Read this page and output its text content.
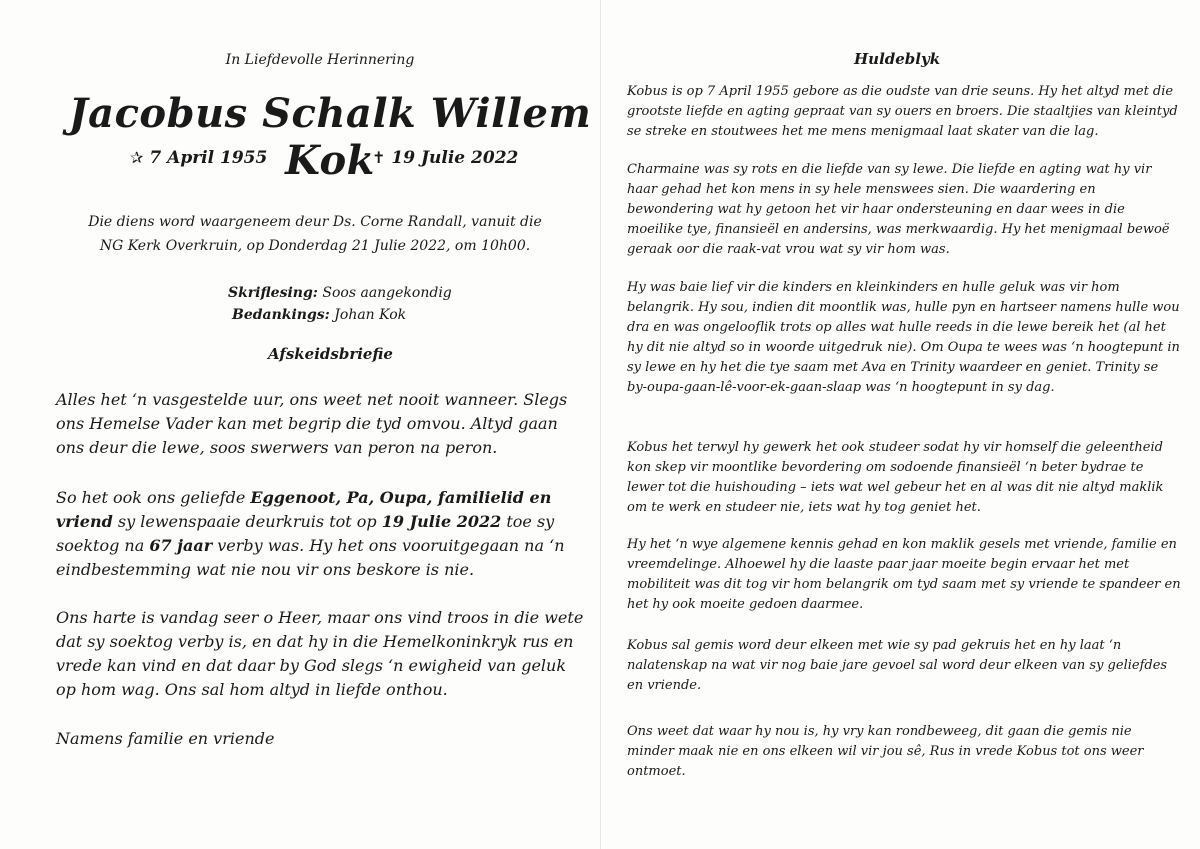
In Liefdevolle Herinnering
Jacobus Schalk Willem Kok
✰ 7 April 1955	✝ 19 Julie 2022
Die diens word waargeneem deur Ds. Corne Randall, vanuit die
NG Kerk Overkruin, op Donderdag 21 Julie 2022, om 10h00.
Skriflesing: Soos aangekondig
Bedankings: Johan Kok
Afskeidsbriefie
Alles het ‘n vasgestelde uur, ons weet net nooit wanneer. Slegs ons Hemelse Vader kan met begrip die tyd omvou. Altyd gaan ons deur die lewe, soos swerwers van peron na peron.
So het ook ons geliefde Eggenoot, Pa, Oupa, familielid en vriend sy lewenspaaie deurkruis tot op 19 Julie 2022 toe sy soektog na 67 jaar verby was. Hy het ons vooruitgegaan na ‘n eindbestemming wat nie nou vir ons beskore is nie.
Ons harte is vandag seer o Heer, maar ons vind troos in die wete dat sy soektog verby is, en dat hy in die Hemelkoninkryk rus en vrede kan vind en dat daar by God slegs ‘n ewigheid van geluk op hom wag. Ons sal hom altyd in liefde onthou.
Namens familie en vriende
Huldeblyk
Kobus is op 7 April 1955 gebore as die oudste van drie seuns. Hy het altyd met die grootste liefde en agting gepraat van sy ouers en broers. Die staaltjies van kleintyd se streke en stoutwees het me mens menigmaal laat skater van die lag.
Charmaine was sy rots en die liefde van sy lewe. Die liefde en agting wat hy vir haar gehad het kon mens in sy hele menswees sien. Die waardering en bewondering wat hy getoon het vir haar ondersteuning en daar wees in die moeilike tye, finansieël en andersins, was merkwaardig. Hy het menigmaal bewoë geraak oor die raak-vat vrou wat sy vir hom was.
Hy was baie lief vir die kinders en kleinkinders en hulle geluk was vir hom belangrik. Hy sou, indien dit moontlik was, hulle pyn en hartseer namens hulle wou dra en was ongelooflik trots op alles wat hulle reeds in die lewe bereik het (al het hy dit nie altyd so in woorde uitgedruk nie). Om Oupa te wees was ‘n hoogtepunt in sy lewe en hy het die tye saam met Ava en Trinity waardeer en geniet. Trinity se by-oupa-gaan-lê-voor-ek-gaan-slaap was ‘n hoogtepunt in sy dag.
Kobus het terwyl hy gewerk het ook studeer sodat hy vir homself die geleentheid kon skep vir moontlike bevordering om sodoende finansieël ‘n beter bydrae te lewer tot die huishouding – iets wat wel gebeur het en al was dit nie altyd maklik om te werk en studeer nie, iets wat hy tog geniet het.
Hy het ‘n wye algemene kennis gehad en kon maklik gesels met vriende, familie en vreemdelinge. Alhoewel hy die laaste paar jaar moeite begin ervaar het met mobiliteit was dit tog vir hom belangrik om tyd saam met sy vriende te spandeer en het hy ook moeite gedoen daarmee.
Kobus sal gemis word deur elkeen met wie sy pad gekruis het en hy laat ‘n nalatenskap na wat vir nog baie jare gevoel sal word deur elkeen van sy geliefdes en vriende.
Ons weet dat waar hy nou is, hy vry kan rondbeweeg, dit gaan die gemis nie minder maak nie en ons elkeen wil vir jou sê, Rus in vrede Kobus tot ons weer ontmoet.
